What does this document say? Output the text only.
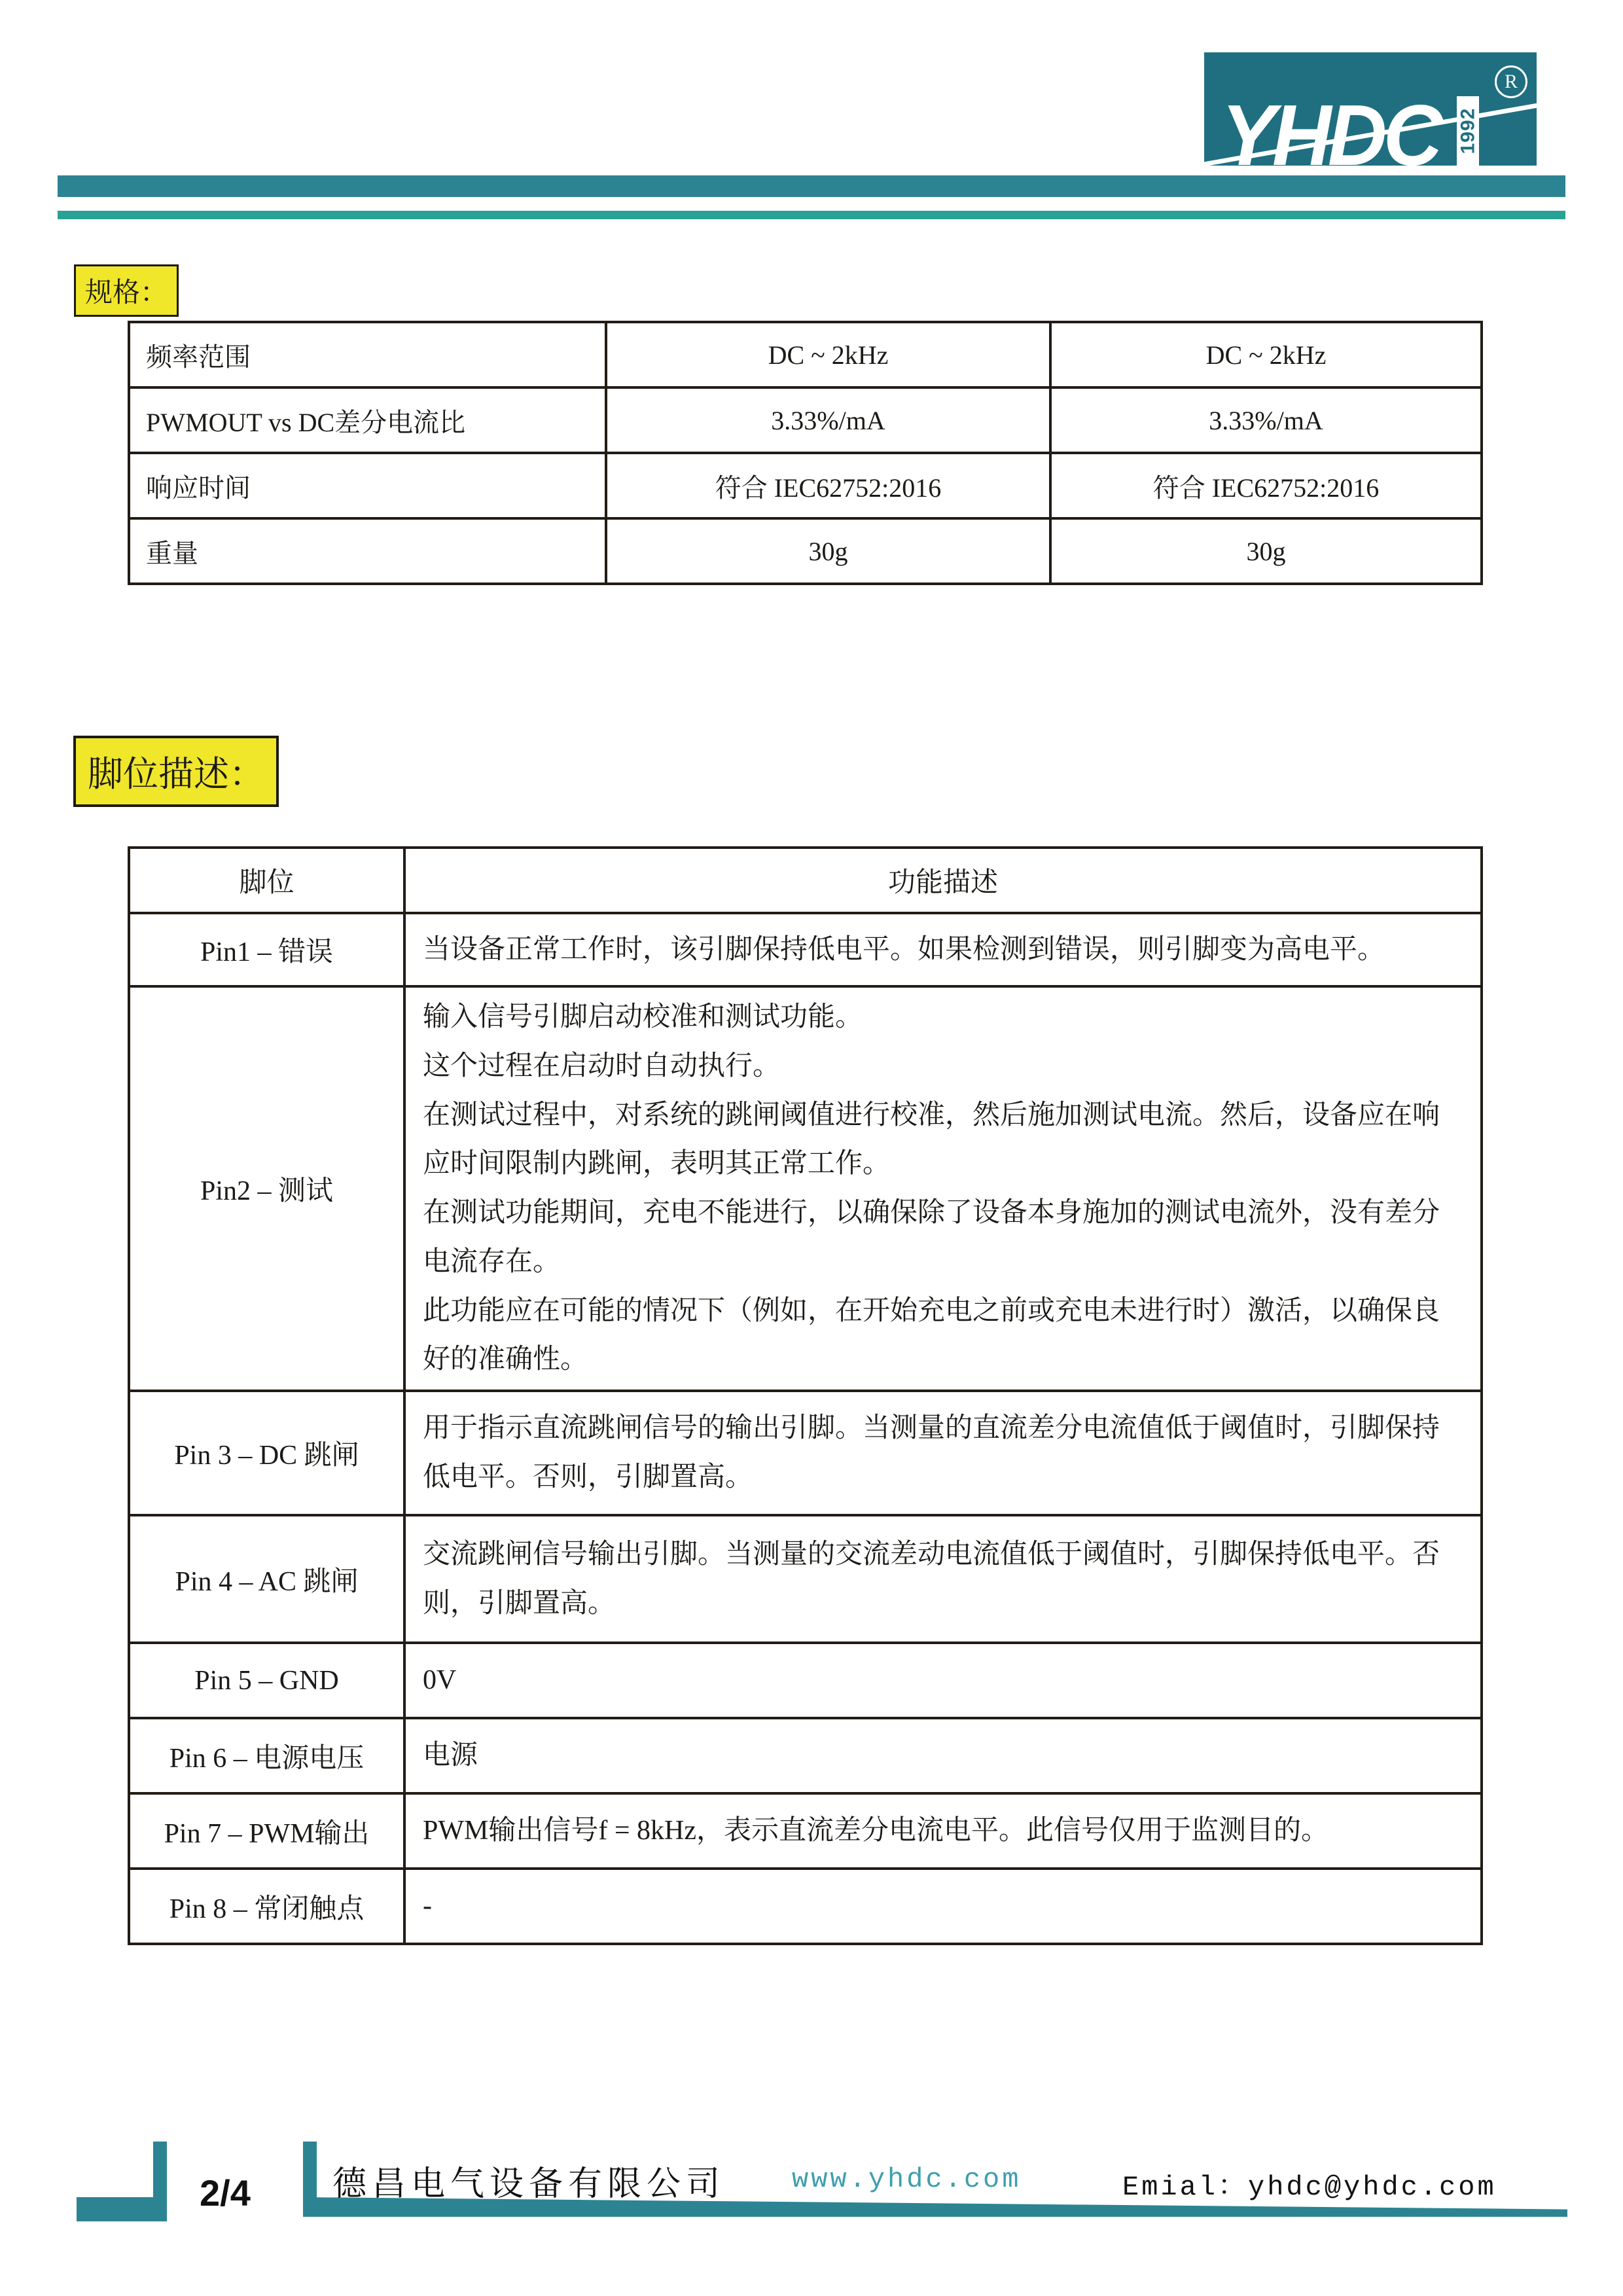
YHDC 1992
R
规格：
频率范围	DC ~ 2kHz	DC ~ 2kHz
PWMOUT vs DC差分电流比	3.33%/mA	3.33%/mA
响应时间	符合 IEC62752:2016	符合 IEC62752:2016
重量	30g	30g
脚位描述：
脚位	功能描述
Pin1 – 错误	当设备正常工作时，该引脚保持低电平。如果检测到错误，则引脚变为高电平。

Pin2 – 测试	输入信号引脚启动校准和测试功能。
这个过程在启动时自动执行。
在测试过程中，对系统的跳闸阈值进行校准，然后施加测试电流。然后，设备应在响应时间限制内跳闸，表明其正常工作。
在测试功能期间，充电不能进行，以确保除了设备本身施加的测试电流外，没有差分电流存在。
此功能应在可能的情况下（例如，在开始充电之前或充电未进行时）激活，以确保良好的准确性。

Pin 3 – DC 跳闸	用于指示直流跳闸信号的输出引脚。当测量的直流差分电流值低于阈值时，引脚保持低电平。否则，引脚置高。

Pin 4 – AC 跳闸	交流跳闸信号输出引脚。当测量的交流差动电流值低于阈值时，引脚保持低电平。否则，引脚置高。

Pin 5 – GND	0V

Pin 6 – 电源电压	电源

Pin 7 – PWM输出	PWM输出信号f = 8kHz，表示直流差分电流电平。此信号仅用于监测目的。

Pin 8 – 常闭触点	-
2/4 德昌电气设备有限公司 www.yhdc.com	Emial：yhdc@yhdc.com
